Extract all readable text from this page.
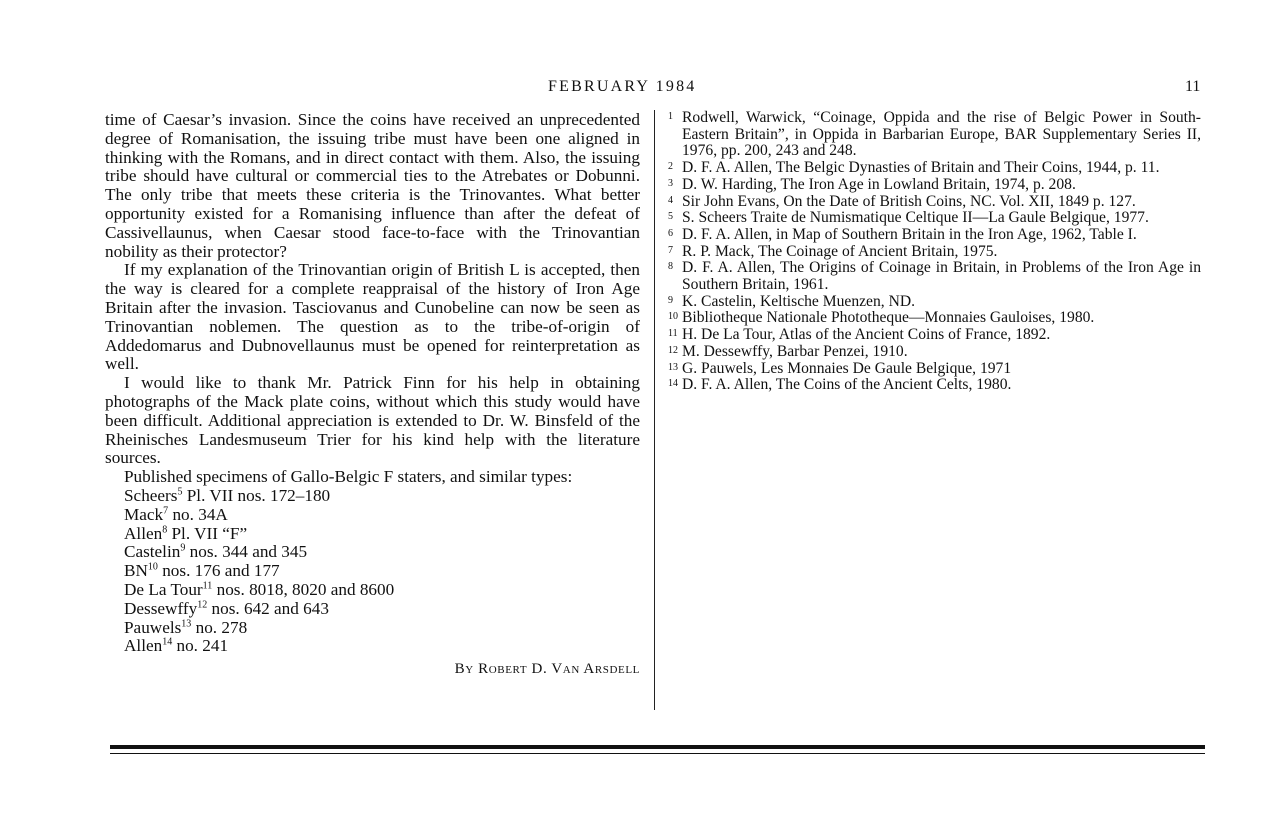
FEBRUARY 1984	11

time of Caesar’s invasion. Since the coins have received an unprecedented degree of Romanisation, the issuing tribe must have been one aligned in thinking with the Romans, and in direct contact with them. Also, the issuing tribe should have cultural or commercial ties to the Atrebates or Dobunni. The only tribe that meets these criteria is the Trinovantes. What better opportunity existed for a Romanising influence than after the defeat of Cassivellaunus, when Caesar stood face-to-face with the Trinovantian nobility as their protector?

If my explanation of the Trinovantian origin of British L is accepted, then the way is cleared for a complete reappraisal of the history of Iron Age Britain after the invasion. Tasciovanus and Cunobeline can now be seen as Trinovantian noblemen. The question as to the tribe-of-origin of Addedomarus and Dubnovellaunus must be opened for reinterpretation as well.

I would like to thank Mr. Patrick Finn for his help in obtaining photographs of the Mack plate coins, without which this study would have been difficult. Additional appreciation is extended to Dr. W. Binsfeld of the Rheinisches Landesmuseum Trier for his kind help with the literature sources.

Published specimens of Gallo-Belgic F staters, and similar types:

Scheers$^5$ Pl. VII nos. 172–180
Mack$^7$ no. 34A
Allen$^8$ Pl. VII “F”
Castelin$^9$ nos. 344 and 345
BN$^{10}$ nos. 176 and 177
De La Tour$^{11}$ nos. 8018, 8020 and 8600
Dessewffy$^{12}$ nos. 642 and 643
Pauwels$^{13}$ no. 278
Allen$^{14}$ no. 241

By Robert D. Van Arsdell

1 Rodwell, Warwick, “Coinage, Oppida and the rise of Belgic Power in South-Eastern Britain”, in Oppida in Barbarian Europe, BAR Supplementary Series II, 1976, pp. 200, 243 and 248.
2 D. F. A. Allen, The Belgic Dynasties of Britain and Their Coins, 1944, p. 11.
3 D. W. Harding, The Iron Age in Lowland Britain, 1974, p. 208.
4 Sir John Evans, On the Date of British Coins, NC. Vol. XII, 1849 p. 127.
5 S. Scheers Traite de Numismatique Celtique II—La Gaule Belgique, 1977.
6 D. F. A. Allen, in Map of Southern Britain in the Iron Age, 1962, Table I.
7 R. P. Mack, The Coinage of Ancient Britain, 1975.
8 D. F. A. Allen, The Origins of Coinage in Britain, in Problems of the Iron Age in Southern Britain, 1961.
9 K. Castelin, Keltische Muenzen, ND.
10 Bibliotheque Nationale Phototheque—Monnaies Gauloises, 1980.
11 H. De La Tour, Atlas of the Ancient Coins of France, 1892.
12 M. Dessewffy, Barbar Penzei, 1910.
13 G. Pauwels, Les Monnaies De Gaule Belgique, 1971
14 D. F. A. Allen, The Coins of the Ancient Celts, 1980.
